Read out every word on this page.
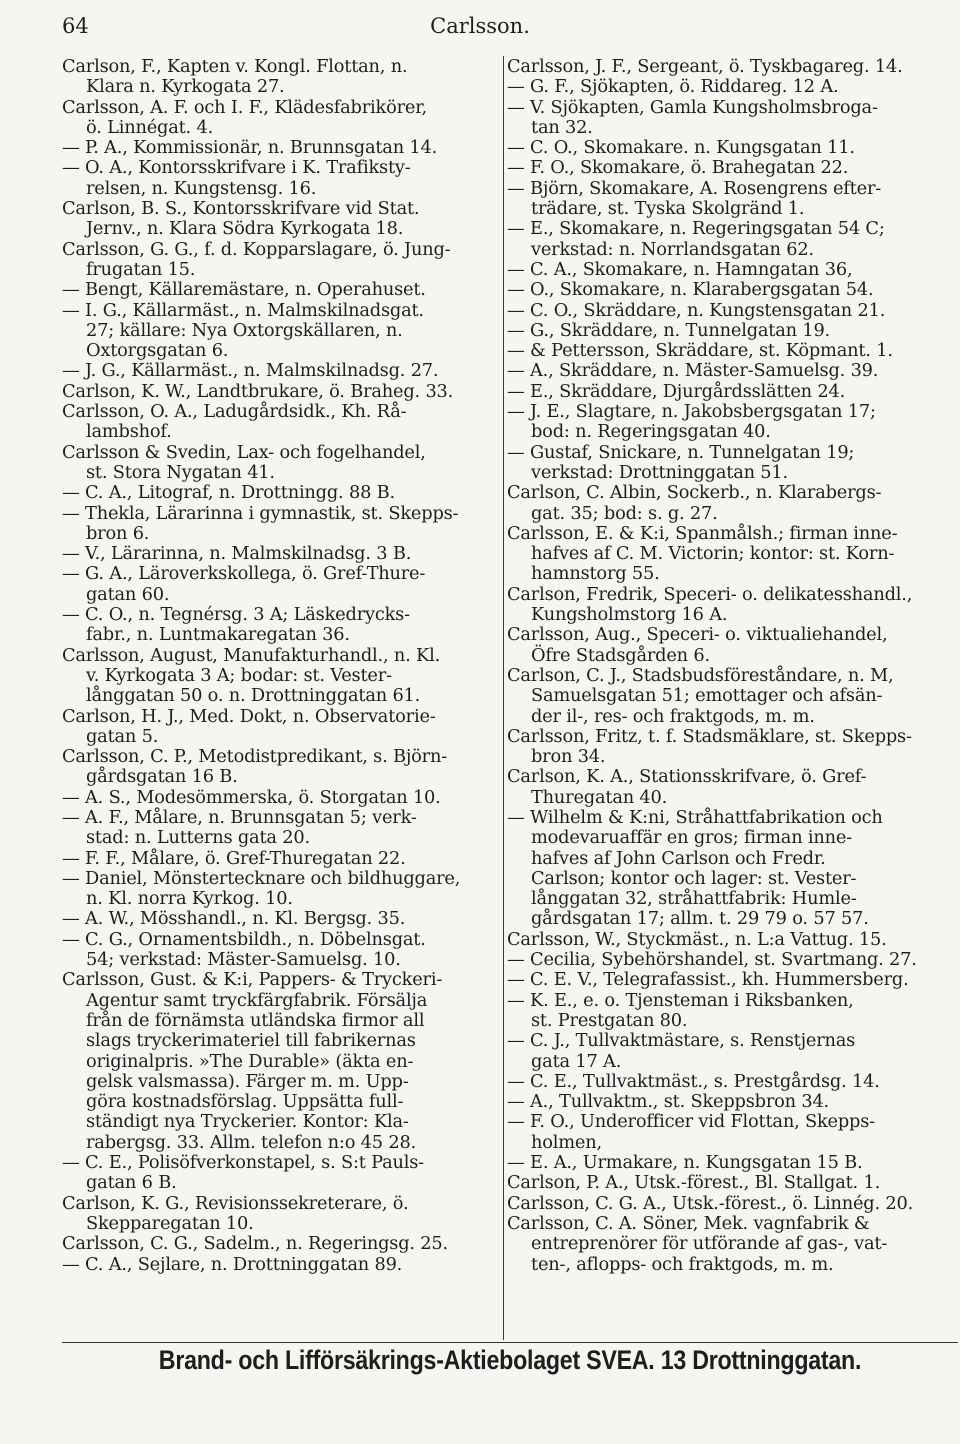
64	Carlsson.
Carlson, F., Kapten v. Kongl. Flottan, n.
Klara n. Kyrkogata 27.
Carlsson, A. F. och I. F., Klädesfabrikörer,
ö. Linnégat. 4.
— P. A., Kommissionär, n. Brunnsgatan 14.
— O. A., Kontorsskrifvare i K. Trafiksty-
relsen, n. Kungstensg. 16.
Carlson, B. S., Kontorsskrifvare vid Stat.
Jernv., n. Klara Södra Kyrkogata 18.
Carlsson, G. G., f. d. Kopparslagare, ö. Jung-
frugatan 15.
— Bengt, Källaremästare, n. Operahuset.
— I. G., Källarmäst., n. Malmskilnadsgat.
27; källare: Nya Oxtorgskällaren, n.
Oxtorgsgatan 6.
— J. G., Källarmäst., n. Malmskilnadsg. 27.
Carlson, K. W., Landtbrukare, ö. Braheg. 33.
Carlsson, O. A., Ladugårdsidk., Kh. Rå-
lambshof.
Carlsson & Svedin, Lax- och fogelhandel,
st. Stora Nygatan 41.
— C. A., Litograf, n. Drottningg. 88 B.
— Thekla, Lärarinna i gymnastik, st. Skepps-
bron 6.
— V., Lärarinna, n. Malmskilnadsg. 3 B.
— G. A., Läroverkskollega, ö. Gref-Thure-
gatan 60.
— C. O., n. Tegnérsg. 3 A; Läskedrycks-
fabr., n. Luntmakaregatan 36.
Carlsson, August, Manufakturhandl., n. Kl.
v. Kyrkogata 3 A; bodar: st. Vester-
långgatan 50 o. n. Drottninggatan 61.
Carlson, H. J., Med. Dokt, n. Observatorie-
gatan 5.
Carlsson, C. P., Metodistpredikant, s. Björn-
gårdsgatan 16 B.
— A. S., Modesömmerska, ö. Storgatan 10.
— A. F., Målare, n. Brunnsgatan 5; verk-
stad: n. Lutterns gata 20.
— F. F., Målare, ö. Gref-Thuregatan 22.
— Daniel, Mönstertecknare och bildhuggare,
n. Kl. norra Kyrkog. 10.
— A. W., Mösshandl., n. Kl. Bergsg. 35.
— C. G., Ornamentsbildh., n. Döbelnsgat.
54; verkstad: Mäster-Samuelsg. 10.
Carlsson, Gust. & K:i, Pappers- & Tryckeri-
Agentur samt tryckfärgfabrik. Försälja
från de förnämsta utländska firmor all
slags tryckerimateriel till fabrikernas
originalpris. »The Durable» (äkta en-
gelsk valsmassa). Färger m. m. Upp-
göra kostnadsförslag. Uppsätta full-
ständigt nya Tryckerier. Kontor: Kla-
rabergsg. 33. Allm. telefon n:o 45 28.
— C. E., Polisöfverkonstapel, s. S:t Pauls-
gatan 6 B.
Carlson, K. G., Revisionssekreterare, ö.
Skepparegatan 10.
Carlsson, C. G., Sadelm., n. Regeringsg. 25.
— C. A., Sejlare, n. Drottninggatan 89.
Carlsson, J. F., Sergeant, ö. Tyskbagareg. 14.
— G. F., Sjökapten, ö. Riddareg. 12 A.
— V. Sjökapten, Gamla Kungsholmsbroga-
tan 32.
— C. O., Skomakare. n. Kungsgatan 11.
— F. O., Skomakare, ö. Brahegatan 22.
— Björn, Skomakare, A. Rosengrens efter-
trädare, st. Tyska Skolgränd 1.
— E., Skomakare, n. Regeringsgatan 54 C;
verkstad: n. Norrlandsgatan 62.
— C. A., Skomakare, n. Hamngatan 36,
— O., Skomakare, n. Klarabergsgatan 54.
— C. O., Skräddare, n. Kungstensgatan 21.
— G., Skräddare, n. Tunnelgatan 19.
— & Pettersson, Skräddare, st. Köpmant. 1.
— A., Skräddare, n. Mäster-Samuelsg. 39.
— E., Skräddare, Djurgårdsslätten 24.
— J. E., Slagtare, n. Jakobsbergsgatan 17;
bod: n. Regeringsgatan 40.
— Gustaf, Snickare, n. Tunnelgatan 19;
verkstad: Drottninggatan 51.
Carlson, C. Albin, Sockerb., n. Klarabergs-
gat. 35; bod: s. g. 27.
Carlsson, E. & K:i, Spanmålsh.; firman inne-
hafves af C. M. Victorin; kontor: st. Korn-
hamnstorg 55.
Carlson, Fredrik, Speceri- o. delikatesshandl.,
Kungsholmstorg 16 A.
Carlsson, Aug., Speceri- o. viktualiehandel,
Öfre Stadsgården 6.
Carlson, C. J., Stadsbudsföreståndare, n. M,
Samuelsgatan 51; emottager och afsän-
der il-, res- och fraktgods, m. m.
Carlsson, Fritz, t. f. Stadsmäklare, st. Skepps-
bron 34.
Carlson, K. A., Stationsskrifvare, ö. Gref-
Thuregatan 40.
— Wilhelm & K:ni, Stråhattfabrikation och
modevaruaffär en gros; firman inne-
hafves af John Carlson och Fredr.
Carlson; kontor och lager: st. Vester-
långgatan 32, stråhattfabrik: Humle-
gårdsgatan 17; allm. t. 29 79 o. 57 57.
Carlsson, W., Styckmäst., n. L:a Vattug. 15.
— Cecilia, Sybehörshandel, st. Svartmang. 27.
— C. E. V., Telegrafassist., kh. Hummersberg.
— K. E., e. o. Tjensteman i Riksbanken,
st. Prestgatan 80.
— C. J., Tullvaktmästare, s. Renstjernas
gata 17 A.
— C. E., Tullvaktmäst., s. Prestgårdsg. 14.
— A., Tullvaktm., st. Skeppsbron 34.
— F. O., Underofficer vid Flottan, Skepps-
holmen,
— E. A., Urmakare, n. Kungsgatan 15 B.
Carlson, P. A., Utsk.-förest., Bl. Stallgat. 1.
Carlsson, C. G. A., Utsk.-förest., ö. Linnég. 20.
Carlsson, C. A. Söner, Mek. vagnfabrik &
entreprenörer för utförande af gas-, vat-
ten-, aflopps- och fraktgods, m. m.
Brand- och Lifförsäkrings-Aktiebolaget SVEA. 13 Drottninggatan.
